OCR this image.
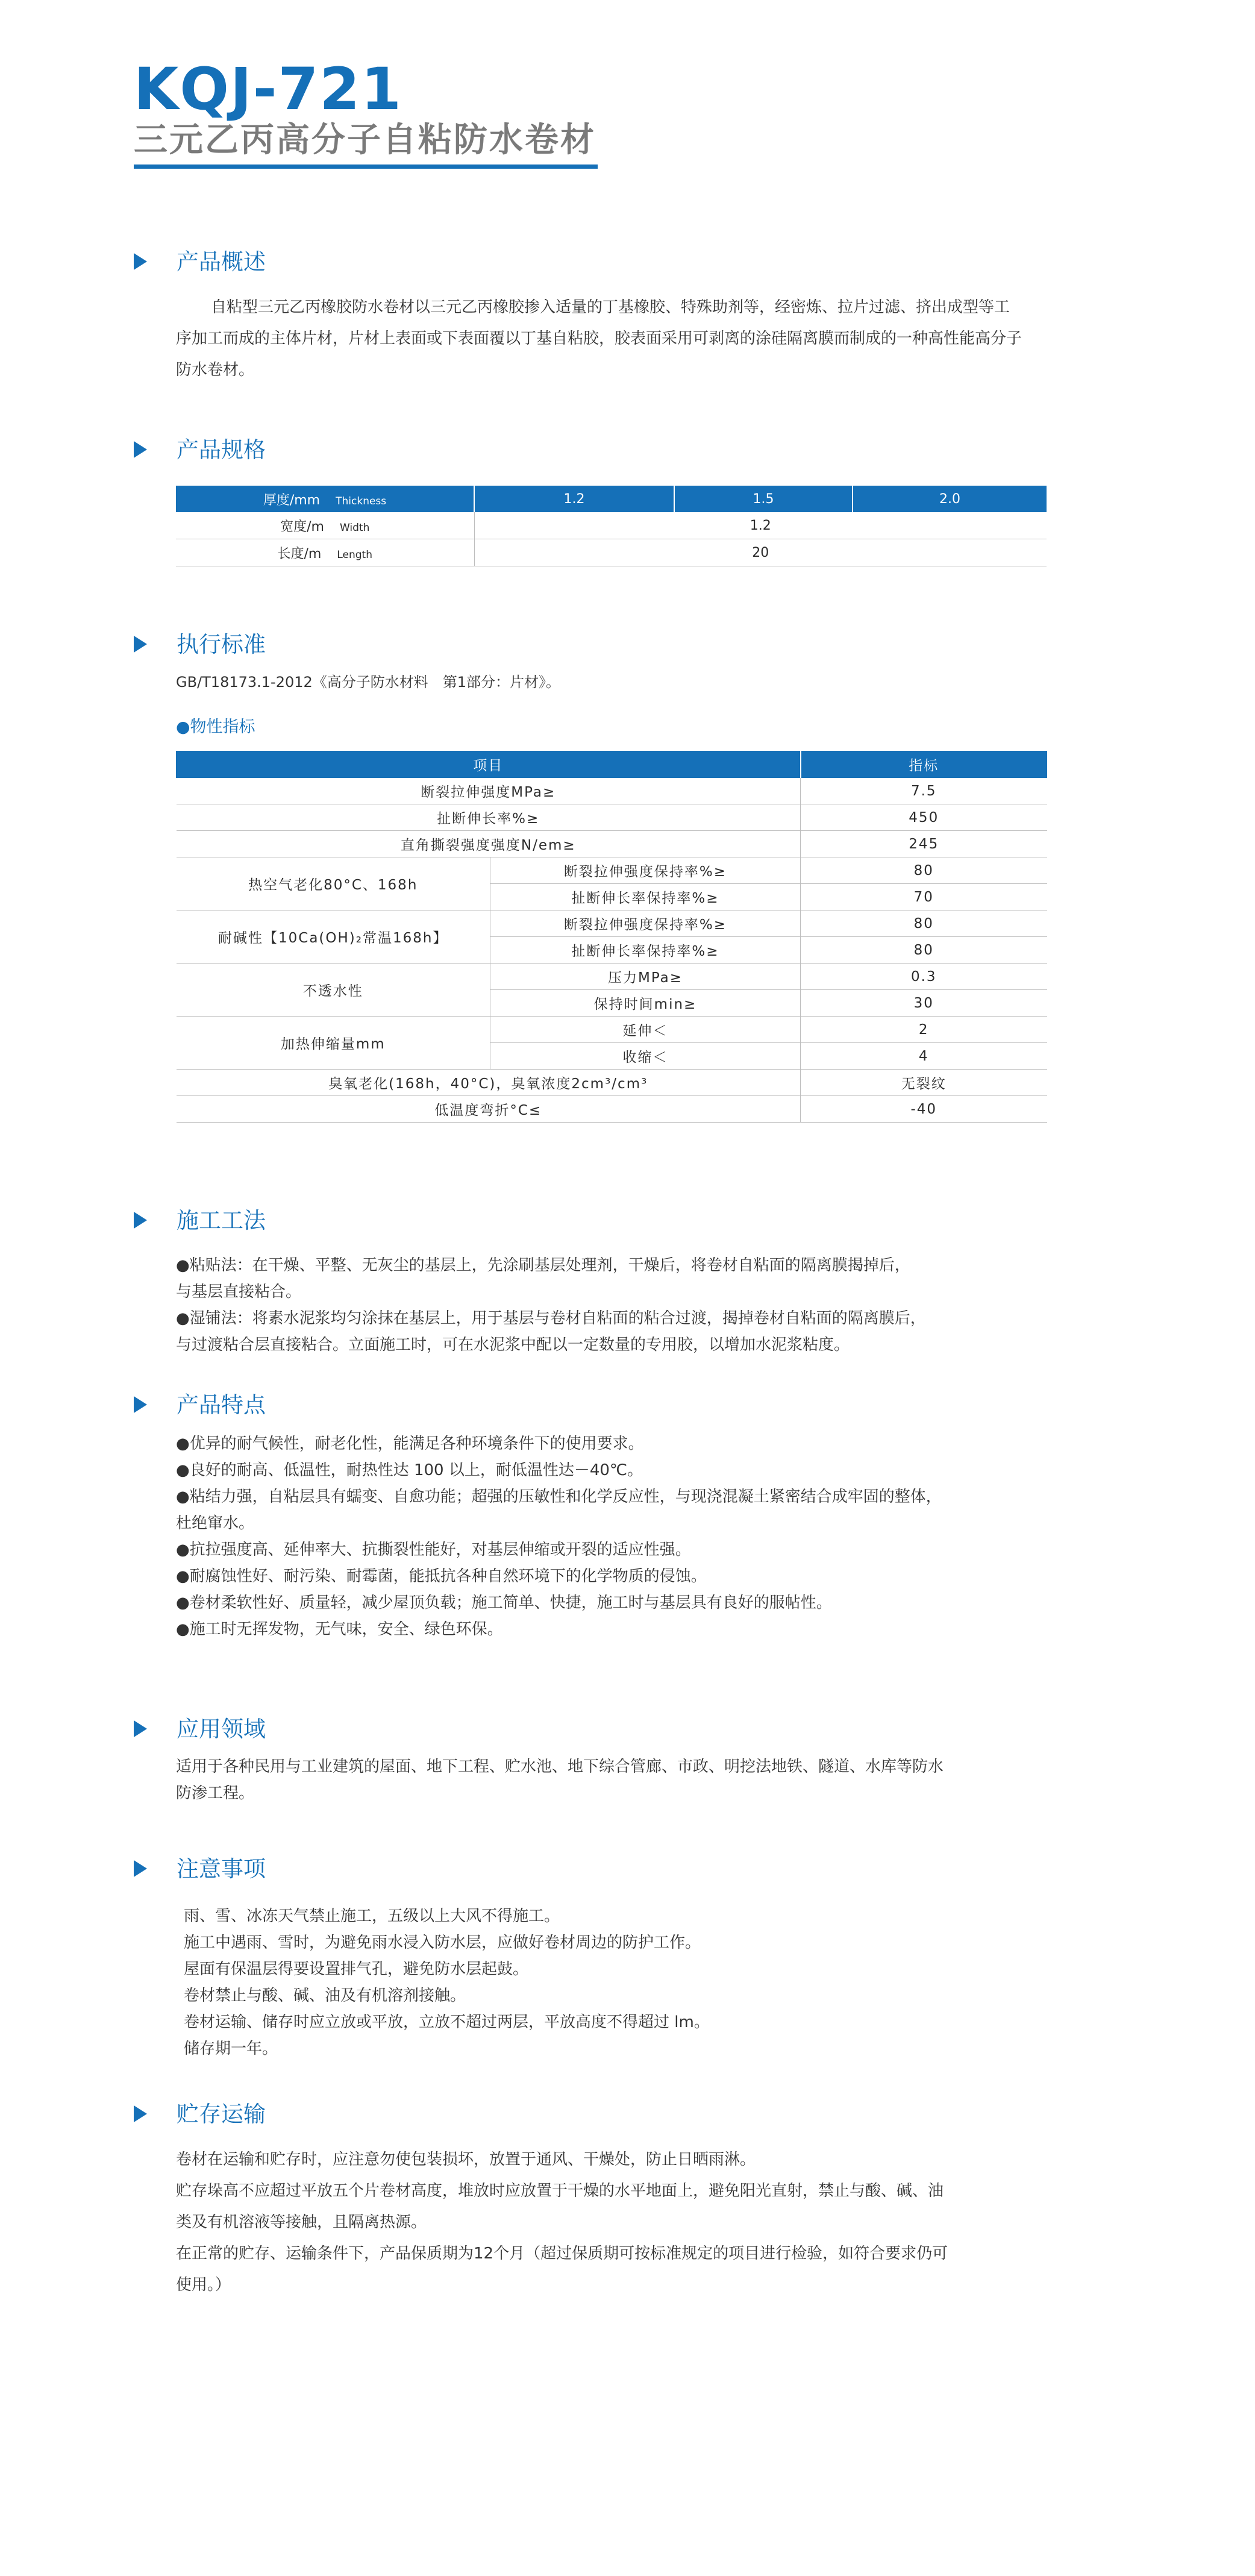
KQJ-721
三元乙丙高分子自粘防水卷材
产品概述

自粘型三元乙丙橡胶防水卷材以三元乙丙橡胶掺入适量的丁基橡胶、特殊助剂等，经密炼、拉片过滤、挤出成型等工序加工而成的主体片材，片材上表面或下表面覆以丁基自粘胶，胶表面采用可剥离的涂硅隔离膜而制成的一种高性能高分子防水卷材。

产品规格
厚度/mm Thickness	1.2	1.5	2.0
宽度/m Width	1.2		
长度/m Length	20		
执行标准

GB/T18173.1-2012《高分子防水材料　第1部分：片材》。

●物性指标
项目		指标
断裂拉伸强度MPa≥		7.5
扯断伸长率%≥		450
直角撕裂强度强度N/em≥		245
热空气老化80°C、168h	断裂拉伸强度保持率%≥	80
	扯断伸长率保持率%≥	70
耐碱性【10Ca(OH)₂常温168h】	断裂拉伸强度保持率%≥	80
	扯断伸长率保持率%≥	80
不透水性	压力MPa≥	0.3
	保持时间min≥	30
加热伸缩量mm	延伸＜	2
	收缩＜	4
臭氧老化(168h，40°C)，臭氧浓度2cm³/cm³		无裂纹
低温度弯折°C≤		-40
施工工法

●粘贴法：在干燥、平整、无灰尘的基层上，先涂刷基层处理剂，干燥后，将卷材自粘面的隔离膜揭掉后，

与基层直接粘合。

●湿铺法：将素水泥浆均匀涂抹在基层上，用于基层与卷材自粘面的粘合过渡，揭掉卷材自粘面的隔离膜后，

与过渡粘合层直接粘合。立面施工时，可在水泥浆中配以一定数量的专用胶，以增加水泥浆粘度。

产品特点

●优异的耐气候性，耐老化性，能满足各种环境条件下的使用要求。

●良好的耐高、低温性，耐热性达 100 以上，耐低温性达－40℃。

●粘结力强，自粘层具有蠕变、自愈功能；超强的压敏性和化学反应性，与现浇混凝土紧密结合成牢固的整体，

杜绝窜水。

●抗拉强度高、延伸率大、抗撕裂性能好，对基层伸缩或开裂的适应性强。

●耐腐蚀性好、耐污染、耐霉菌，能抵抗各种自然环境下的化学物质的侵蚀。

●卷材柔软性好、质量轻，减少屋顶负载；施工简单、快捷，施工时与基层具有良好的服帖性。

●施工时无挥发物，无气味，安全、绿色环保。

应用领域

适用于各种民用与工业建筑的屋面、地下工程、贮水池、地下综合管廊、市政、明挖法地铁、隧道、水库等防水

防渗工程。

注意事项

雨、雪、冰冻天气禁止施工，五级以上大风不得施工。

施工中遇雨、雪时，为避免雨水浸入防水层，应做好卷材周边的防护工作。

屋面有保温层得要设置排气孔，避免防水层起鼓。

卷材禁止与酸、碱、油及有机溶剂接触。

卷材运输、储存时应立放或平放，立放不超过两层，平放高度不得超过 lm。

储存期一年。

贮存运输

卷材在运输和贮存时，应注意勿使包装损坏，放置于通风、干燥处，防止日晒雨淋。

贮存垛高不应超过平放五个片卷材高度，堆放时应放置于干燥的水平地面上，避免阳光直射，禁止与酸、碱、油

类及有机溶液等接触，且隔离热源。

在正常的贮存、运输条件下，产品保质期为12个月（超过保质期可按标准规定的项目进行检验，如符合要求仍可

使用。）
